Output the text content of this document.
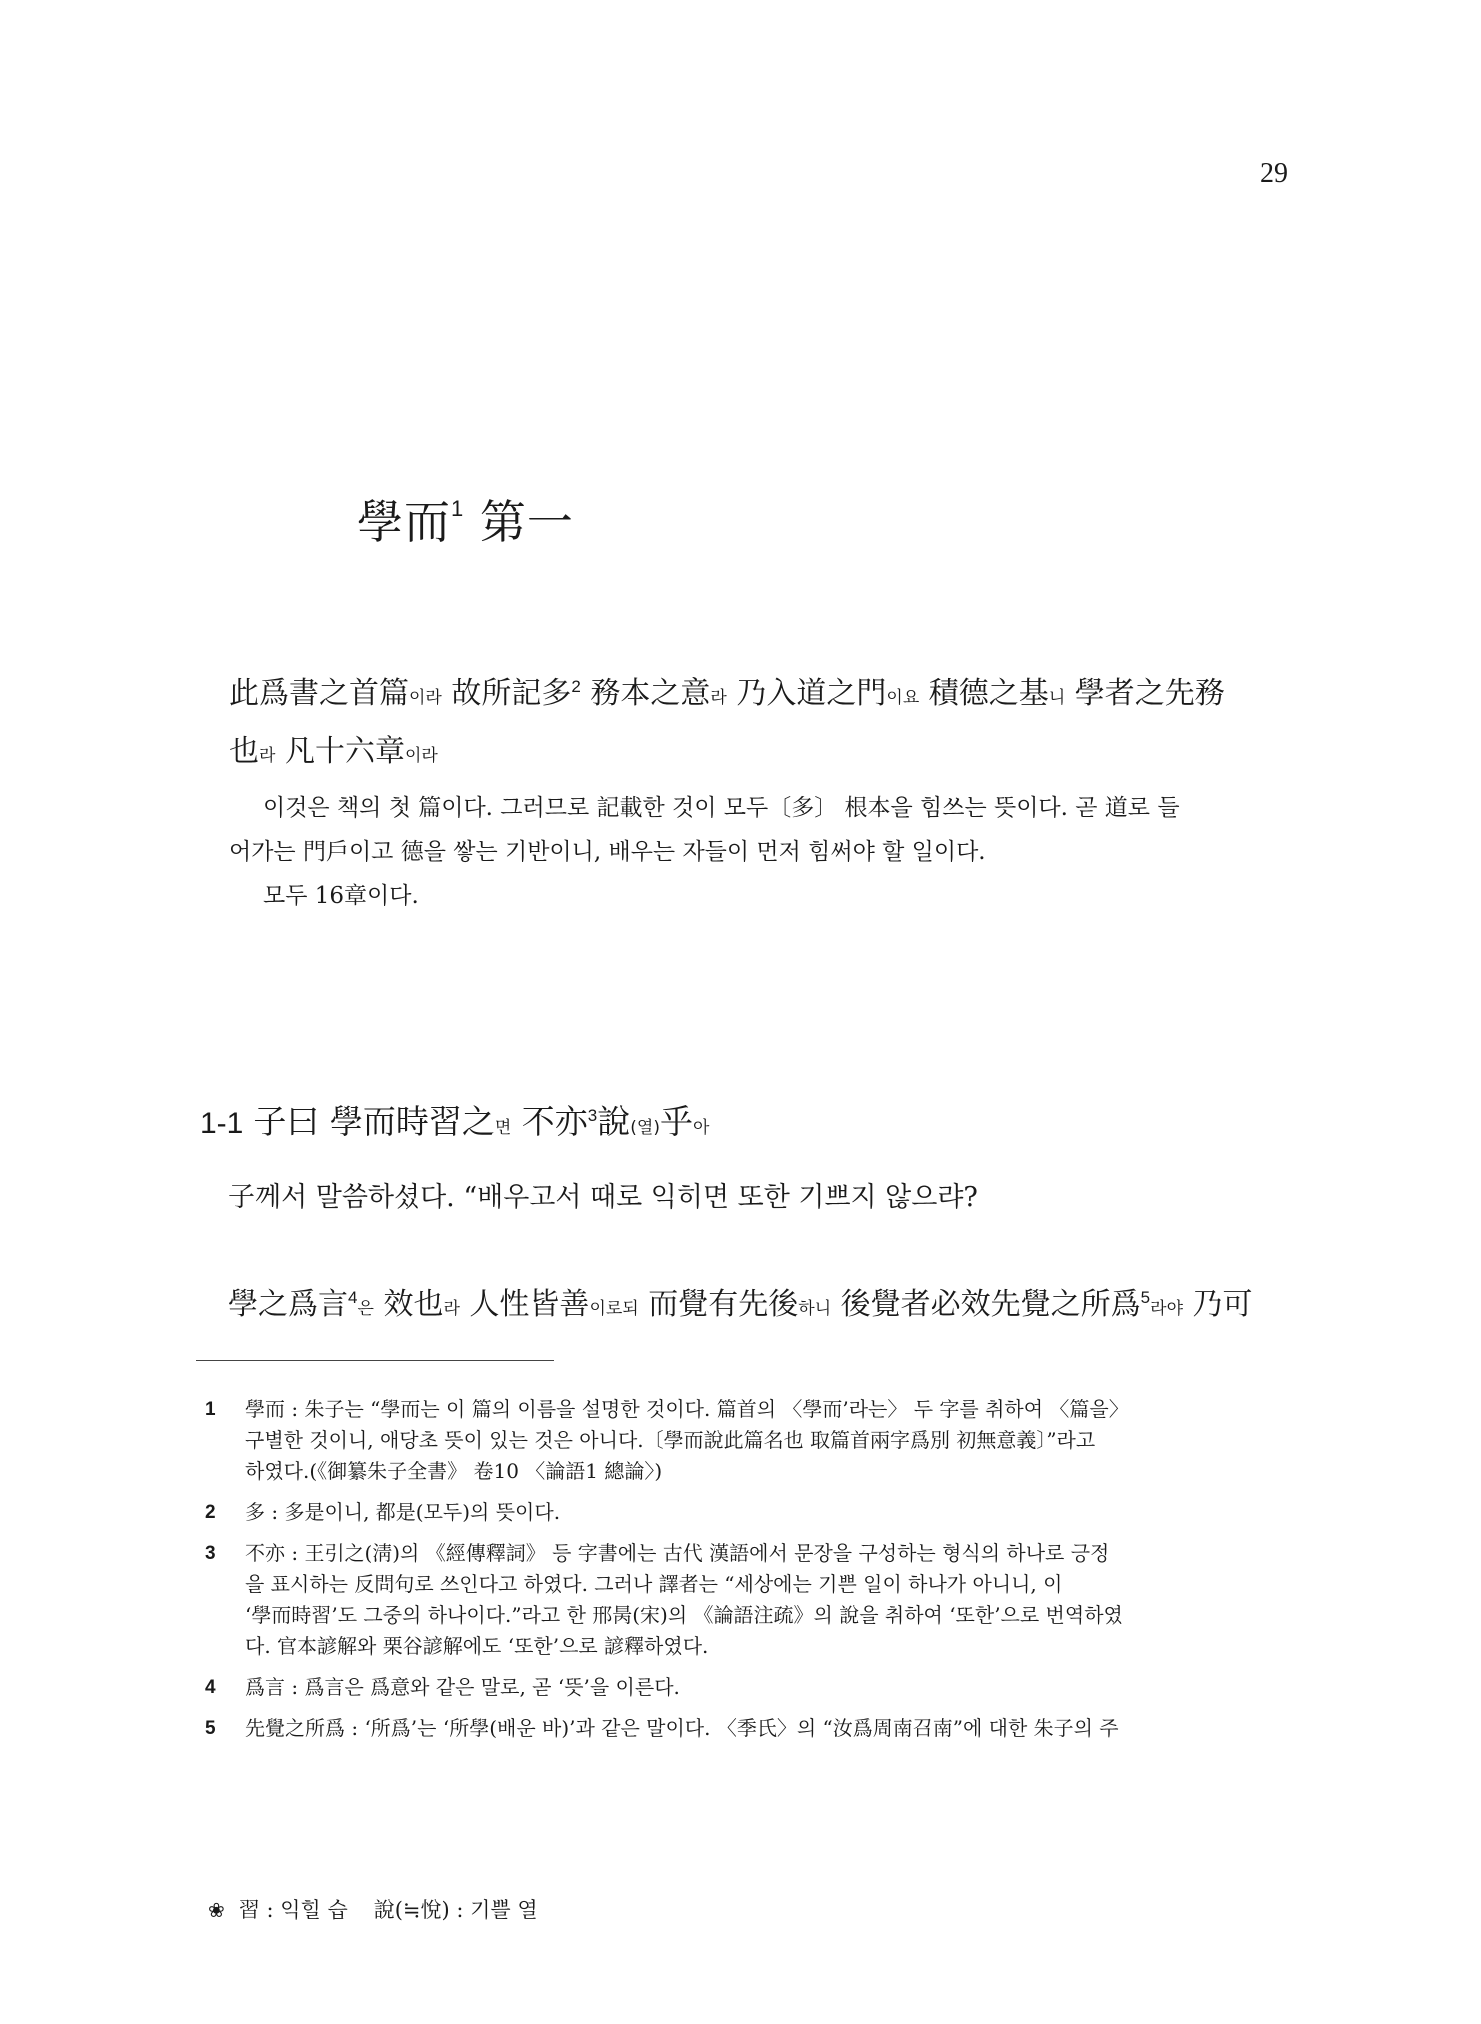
29
學而$^1$ 第一
此爲書之首篇이라 故所記多$^2$ 務本之意라 乃入道之門이요 積德之基니 學者之先務
也라 凡十六章이라
이것은 책의 첫 篇이다. 그러므로 記載한 것이 모두〔多〕 根本을 힘쓰는 뜻이다. 곧 道로 들
어가는 門戶이고 德을 쌓는 기반이니, 배우는 자들이 먼저 힘써야 할 일이다.
모두 16章이다.
1-1 子曰 學而時習之면 不亦$^3$說(열)乎아
子께서 말씀하셨다. “배우고서 때로 익히면 또한 기쁘지 않으랴?
學之爲言$^4$은 效也라 人性皆善이로되 而覺有先後하니 後覺者必效先覺之所爲$^5$라야 乃可
1	學而 : 朱子는 “學而는 이 篇의 이름을 설명한 것이다. 篇首의 〈學而’라는〉 두 字를 취하여 〈篇을〉
구별한 것이니, 애당초 뜻이 있는 것은 아니다.〔學而說此篇名也 取篇首兩字爲別 初無意義〕”라고
하였다.(《御纂朱子全書》 卷10 〈論語1 總論〉)
2	多 : 多是이니, 都是(모두)의 뜻이다.
3	不亦 : 王引之(淸)의 《經傳釋詞》 등 字書에는 古代 漢語에서 문장을 구성하는 형식의 하나로 긍정
을 표시하는 反問句로 쓰인다고 하였다. 그러나 譯者는 “세상에는 기쁜 일이 하나가 아니니, 이
‘學而時習’도 그중의 하나이다.”라고 한 邢昺(宋)의 《論語注疏》의 說을 취하여 ‘또한’으로 번역하였
다. 官本諺解와 栗谷諺解에도 ‘또한’으로 諺釋하였다.
4	爲言 : 爲言은 爲意와 같은 말로, 곧 ‘뜻’을 이른다.
5	先覺之所爲 : ‘所爲’는 ‘所學(배운 바)’과 같은 말이다. 〈季氏〉의 “汝爲周南召南”에 대한 朱子의 주
❀ 習 : 익힐 습 說(≒悅) : 기쁠 열
